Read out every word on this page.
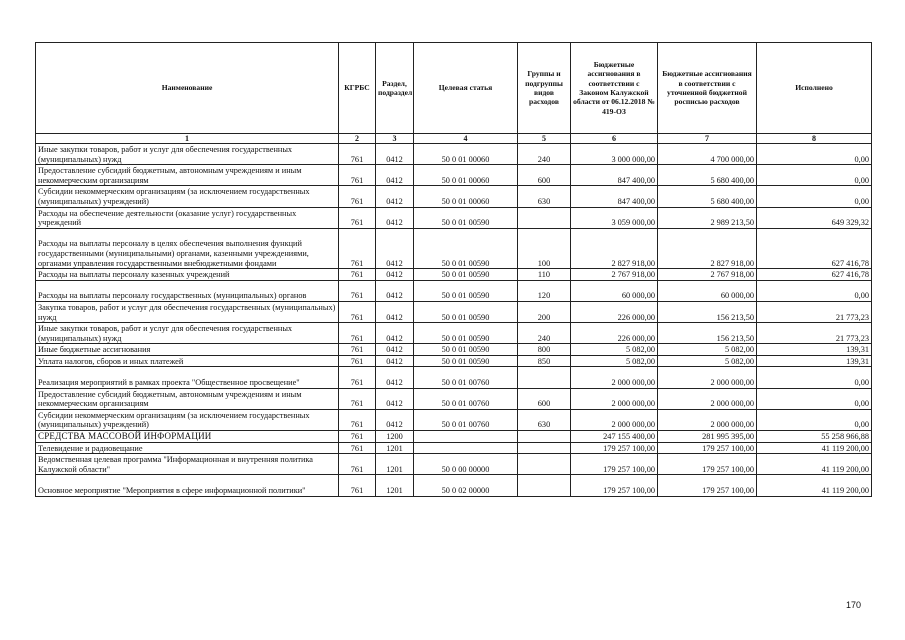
Наименование	КГРБС	Раздел, подраздел	Целевая статья	Группы и подгруппы видов расходов	Бюджетные ассигнования в соответствии с Законом Калужской области от 06.12.2018 № 419-ОЗ	Бюджетные ассигнования в соответствии с уточненной бюджетной росписью расходов	Исполнено
1	2	3	4	5	6	7	8
Иные закупки товаров, работ и услуг для обеспечения государственных (муниципальных) нужд	761	0412	50 0 01 00060	240	3 000 000,00	4 700 000,00	0,00
Предоставление субсидий бюджетным, автономным учреждениям и иным некоммерческим организациям	761	0412	50 0 01 00060	600	847 400,00	5 680 400,00	0,00
Субсидии некоммерческим организациям (за исключением государственных (муниципальных) учреждений)	761	0412	50 0 01 00060	630	847 400,00	5 680 400,00	0,00
Расходы на обеспечение деятельности (оказание услуг) государственных учреждений	761	0412	50 0 01 00590		3 059 000,00	2 989 213,50	649 329,32
Расходы на выплаты персоналу в целях обеспечения выполнения функций государственными (муниципальными) органами, казенными учреждениями, органами управления государственными внебюджетными фондами	761	0412	50 0 01 00590	100	2 827 918,00	2 827 918,00	627 416,78
Расходы на выплаты персоналу казенных учреждений	761	0412	50 0 01 00590	110	2 767 918,00	2 767 918,00	627 416,78
Расходы на выплаты персоналу государственных (муниципальных) органов	761	0412	50 0 01 00590	120	60 000,00	60 000,00	0,00
Закупка товаров, работ и услуг для обеспечения государственных (муниципальных) нужд	761	0412	50 0 01 00590	200	226 000,00	156 213,50	21 773,23
Иные закупки товаров, работ и услуг для обеспечения государственных (муниципальных) нужд	761	0412	50 0 01 00590	240	226 000,00	156 213,50	21 773,23
Иные бюджетные ассигнования	761	0412	50 0 01 00590	800	5 082,00	5 082,00	139,31
Уплата налогов, сборов и иных платежей	761	0412	50 0 01 00590	850	5 082,00	5 082,00	139,31
Реализация мероприятий в рамках проекта "Общественное просвещение"	761	0412	50 0 01 00760		2 000 000,00	2 000 000,00	0,00
Предоставление субсидий бюджетным, автономным учреждениям и иным некоммерческим организациям	761	0412	50 0 01 00760	600	2 000 000,00	2 000 000,00	0,00
Субсидии некоммерческим организациям (за исключением государственных (муниципальных) учреждений)	761	0412	50 0 01 00760	630	2 000 000,00	2 000 000,00	0,00
СРЕДСТВА МАССОВОЙ ИНФОРМАЦИИ	761	1200			247 155 400,00	281 995 395,00	55 258 966,88
Телевидение и радиовещание	761	1201			179 257 100,00	179 257 100,00	41 119 200,00
Ведомственная целевая программа "Информационная и внутренняя политика Калужской области"	761	1201	50 0 00 00000		179 257 100,00	179 257 100,00	41 119 200,00
Основное мероприятие "Мероприятия в сфере информационной политики"	761	1201	50 0 02 00000		179 257 100,00	179 257 100,00	41 119 200,00
170
